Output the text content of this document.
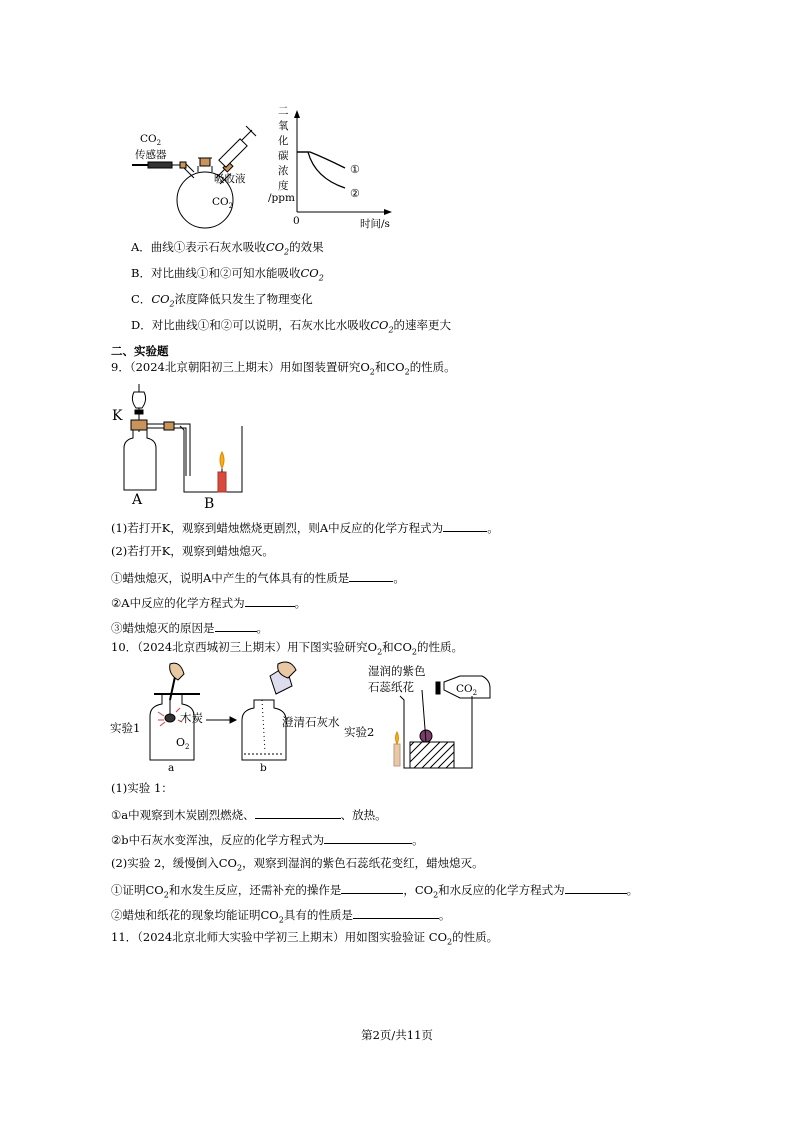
$CO_2$
传感器
吸收液
$CO_2$
①
②
二
氧
化
碳
浓
度
/ppm
0	时间/s
A．曲线①表示石灰水吸收$CO_2$的效果
B．对比曲线①和②可知水能吸收$CO_2$
C．$CO_2$浓度降低只发生了物理变化
D．对比曲线①和②可以说明，石灰水比水吸收$CO_2$的速率更大
二、实验题
9．（2024北京朝阳初三上期末）用如图装置研究$O_2$和$CO_2$的性质。
K
A	B
(1)若打开K，观察到蜡烛燃烧更剧烈，则A中反应的化学方程式为	。
(2)若打开K，观察到蜡烛熄灭。
①蜡烛熄灭，说明A中产生的气体具有的性质是	。
②A中反应的化学方程式为	。
③蜡烛熄灭的原因是	。
10．（2024北京西城初三上期末）用下图实验研究$O_2$和$CO_2$的性质。
实验1
木炭
$O_2$
a	b
澄清石灰水
实验2
湿润的紫色
石蕊纸花	$CO_2$
(1)实验 1：
①a中观察到木炭剧烈燃烧、	、放热。
②b中石灰水变浑浊，反应的化学方程式为	。
(2)实验 2，缓慢倒入$CO_2$，观察到湿润的紫色石蕊纸花变红，蜡烛熄灭。
①证明$CO_2$和水发生反应，还需补充的操作是	，$CO_2$和水反应的化学方程式为	。
②蜡烛和纸花的现象均能证明$CO_2$具有的性质是	。
11．（2024北京北师大实验中学初三上期末）用如图实验验证 $CO_2$的性质。
第2页/共11页
